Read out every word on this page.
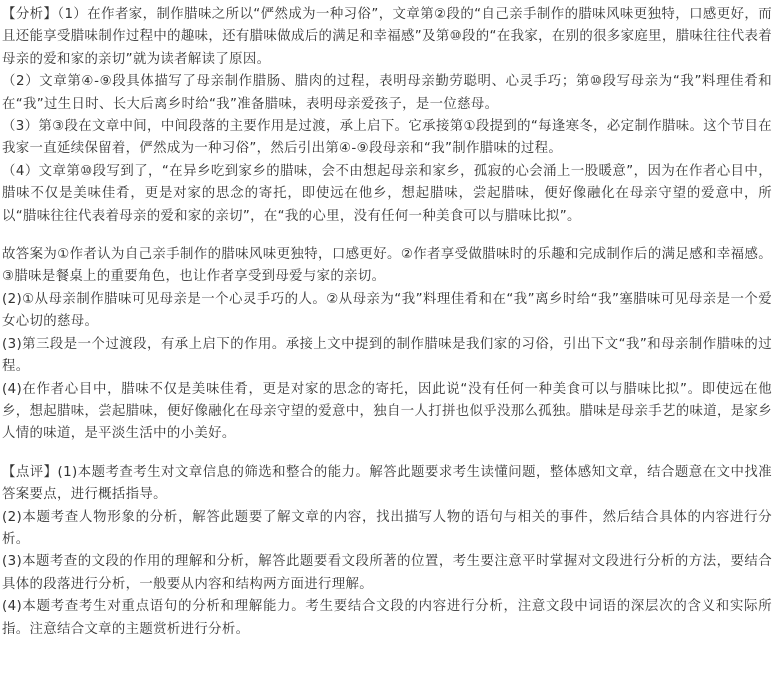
【分析】（1）在作者家，制作腊味之所以“俨然成为一种习俗”，文章第②段的“自己亲手制作的腊味风味更独特，口感更好，而且还能享受腊味制作过程中的趣味，还有腊味做成后的满足和幸福感”及第⑩段的“在我家，在别的很多家庭里，腊味往往代表着母亲的爱和家的亲切”就为读者解读了原因。

（2）文章第④-⑨段具体描写了母亲制作腊肠、腊肉的过程，表明母亲勤劳聪明、心灵手巧；第⑩段写母亲为“我”料理佳肴和在“我”过生日时、长大后离乡时给“我”准备腊味，表明母亲爱孩子，是一位慈母。

（3）第③段在文章中间，中间段落的主要作用是过渡，承上启下。它承接第①段提到的“每逢寒冬，必定制作腊味。这个节目在我家一直延续保留着，俨然成为一种习俗”，然后引出第④-⑨段母亲和“我”制作腊味的过程。

（4）文章第⑩段写到了，“在异乡吃到家乡的腊味，会不由想起母亲和家乡，孤寂的心会涌上一股暖意”，因为在作者心目中，腊味不仅是美味佳肴，更是对家的思念的寄托，即使远在他乡，想起腊味，尝起腊味，便好像融化在母亲守望的爱意中，所以“腊味往往代表着母亲的爱和家的亲切”，在“我的心里，没有任何一种美食可以与腊味比拟”。

故答案为①作者认为自己亲手制作的腊味风味更独特，口感更好。②作者享受做腊味时的乐趣和完成制作后的满足感和幸福感。③腊味是餐桌上的重要角色，也让作者享受到母爱与家的亲切。

(2)①从母亲制作腊味可见母亲是一个心灵手巧的人。②从母亲为“我”料理佳肴和在“我”离乡时给“我”塞腊味可见母亲是一个爱女心切的慈母。

(3)第三段是一个过渡段，有承上启下的作用。承接上文中提到的制作腊味是我们家的习俗，引出下文“我”和母亲制作腊味的过程。

(4)在作者心目中，腊味不仅是美味佳肴，更是对家的思念的寄托，因此说“没有任何一种美食可以与腊味比拟”。即使远在他乡，想起腊味，尝起腊味，便好像融化在母亲守望的爱意中，独自一人打拼也似乎没那么孤独。腊味是母亲手艺的味道，是家乡人情的味道，是平淡生活中的小美好。

【点评】(1)本题考查考生对文章信息的筛选和整合的能力。解答此题要求考生读懂问题，整体感知文章，结合题意在文中找准答案要点，进行概括指导。

(2)本题考查人物形象的分析，解答此题要了解文章的内容，找出描写人物的语句与相关的事件，然后结合具体的内容进行分析。

(3)本题考查的文段的作用的理解和分析，解答此题要看文段所著的位置，考生要注意平时掌握对文段进行分析的方法，要结合具体的段落进行分析，一般要从内容和结构两方面进行理解。

(4)本题考查考生对重点语句的分析和理解能力。考生要结合文段的内容进行分析，注意文段中词语的深层次的含义和实际所指。注意结合文章的主题赏析进行分析。
